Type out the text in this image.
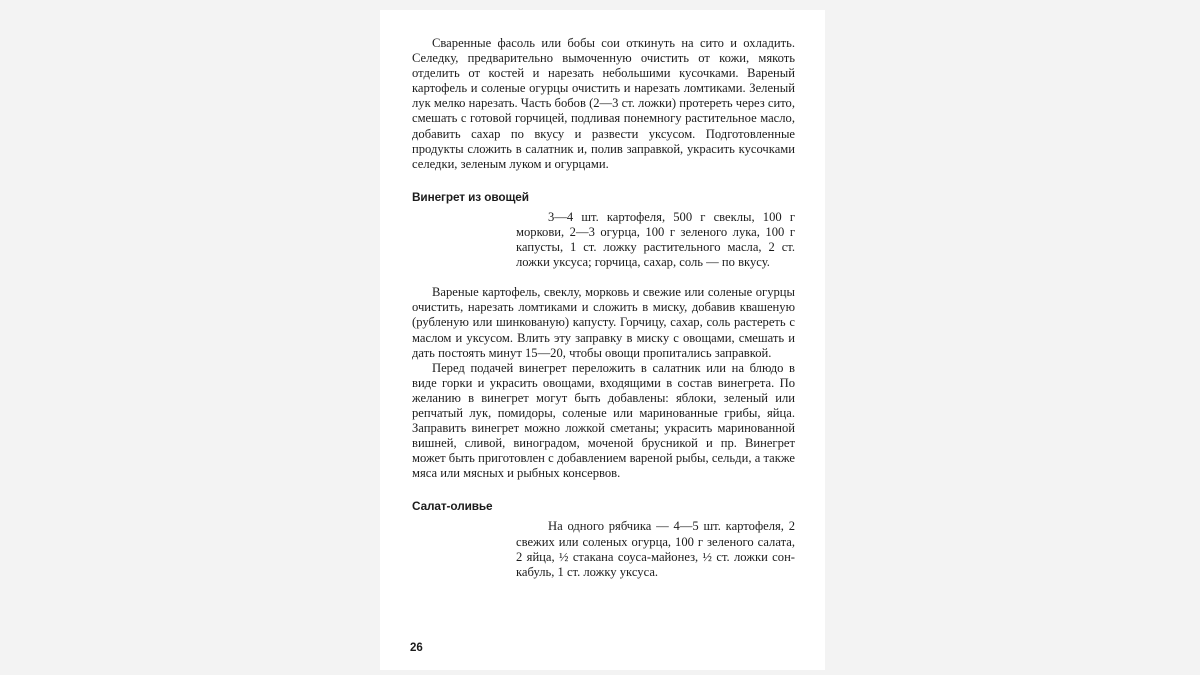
Сваренные фасоль или бобы сои откинуть на сито и охладить. Селедку, предварительно вымоченную очистить от кожи, мякоть отделить от костей и нарезать небольшими кусочками. Вареный картофель и соленые огурцы очистить и нарезать ломтиками. Зеленый лук мелко нарезать. Часть бобов (2—3 ст. ложки) протереть через сито, смешать с готовой горчицей, подливая понемногу растительное масло, добавить сахар по вкусу и развести уксусом. Подготовленные продукты сложить в салатник и, полив заправкой, украсить кусочками селедки, зеленым луком и огурцами.

Винегрет из овощей

3—4 шт. картофеля, 500 г свеклы, 100 г моркови, 2—3 огурца, 100 г зеленого лука, 100 г капусты, 1 ст. ложку растительного масла, 2 ст. ложки уксуса; горчица, сахар, соль — по вкусу.

Вареные картофель, свеклу, морковь и свежие или соленые огурцы очистить, нарезать ломтиками и сложить в миску, добавив квашеную (рубленую или шинкованую) капусту. Горчицу, сахар, соль растереть с маслом и уксусом. Влить эту заправку в миску с овощами, смешать и дать постоять минут 15—20, чтобы овощи пропитались заправкой.

Перед подачей винегрет переложить в салатник или на блюдо в виде горки и украсить овощами, входящими в состав винегрета. По желанию в винегрет могут быть добавлены: яблоки, зеленый или репчатый лук, помидоры, соленые или маринованные грибы, яйца. Заправить винегрет можно ложкой сметаны; украсить маринованной вишней, сливой, виноградом, моченой брусникой и пр. Винегрет может быть приготовлен с добавлением вареной рыбы, сельди, а также мяса или мясных и рыбных консервов.

Салат-оливье

На одного рябчика — 4—5 шт. картофеля, 2 свежих или соленых огурца, 100 г зеленого салата, 2 яйца, ½ стакана соуса-майонез, ½ ст. ложки сон-кабуль, 1 ст. ложку уксуса.

26
